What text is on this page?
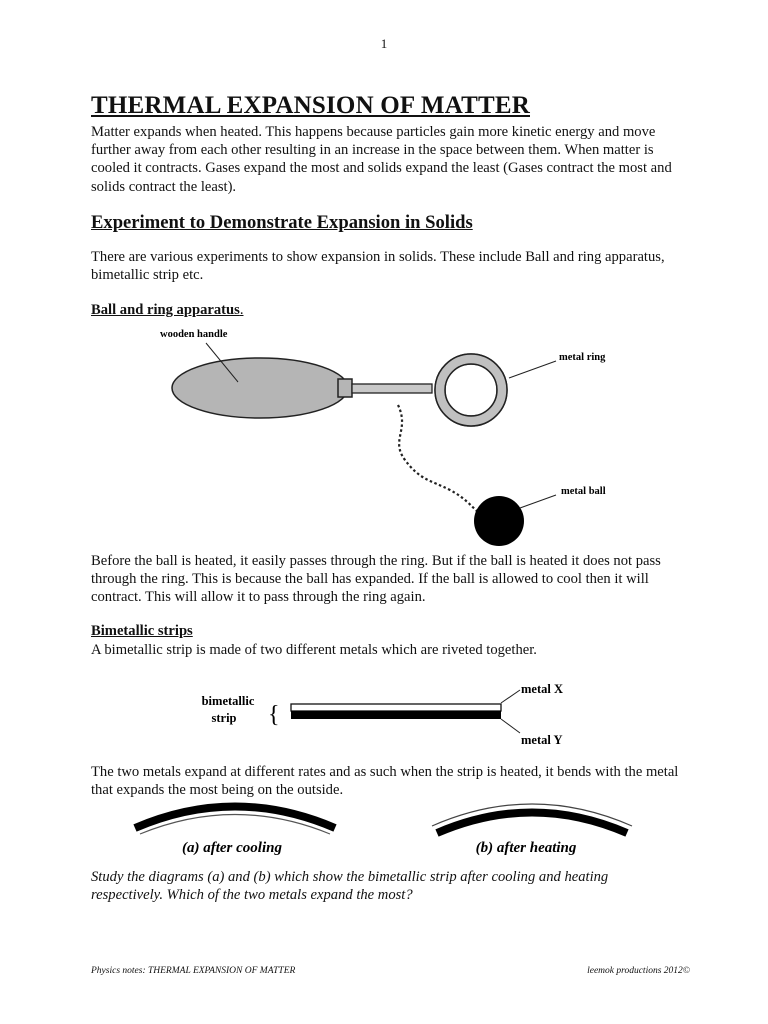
1
THERMAL EXPANSION OF MATTER

Matter expands when heated. This happens because particles gain more kinetic energy and move further away from each other resulting in an increase in the space between them. When matter is cooled it contracts. Gases expand the most and solids expand the least (Gases contract the most and solids contract the least).

Experiment to Demonstrate Expansion in Solids

There are various experiments to show expansion in solids. These include Ball and ring apparatus, bimetallic strip etc.

Ball and ring apparatus.
wooden handle
metal ring
metal ball

Before the ball is heated, it easily passes through the ring. But if the ball is heated it does not pass through the ring. This is because the ball has expanded. If the ball is allowed to cool then it will contract. This will allow it to pass through the ring again.

Bimetallic strips

A bimetallic strip is made of two different metals which are riveted together.

bimetallic
strip {
metal X
metal Y

The two metals expand at different rates and as such when the strip is heated, it bends with the metal that expands the most being on the outside.

(a) after cooling	(b) after heating

Study the diagrams (a) and (b) which show the bimetallic strip after cooling and heating respectively. Which of the two metals expand the most?

Physics notes: THERMAL EXPANSION OF MATTER	leemok productions 2012©
